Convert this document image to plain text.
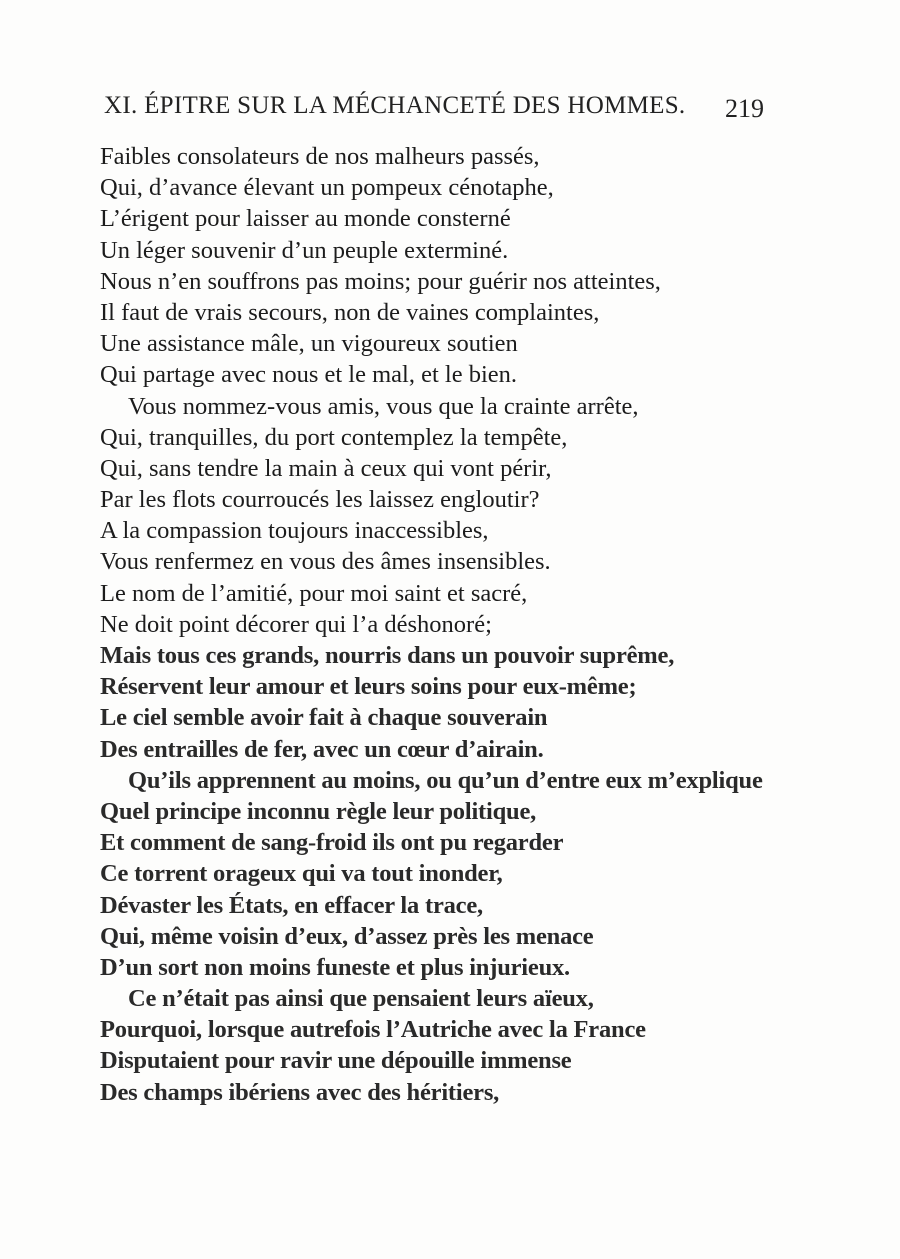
XI. ÉPITRE SUR LA MÉCHANCETÉ DES HOMMES. 219
Faibles consolateurs de nos malheurs passés,
Qui, d’avance élevant un pompeux cénotaphe,
L’érigent pour laisser au monde consterné
Un léger souvenir d’un peuple exterminé.
Nous n’en souffrons pas moins; pour guérir nos atteintes,
Il faut de vrais secours, non de vaines complaintes,
Une assistance mâle, un vigoureux soutien
Qui partage avec nous et le mal, et le bien.
Vous nommez-vous amis, vous que la crainte arrête,
Qui, tranquilles, du port contemplez la tempête,
Qui, sans tendre la main à ceux qui vont périr,
Par les flots courroucés les laissez engloutir?
A la compassion toujours inaccessibles,
Vous renfermez en vous des âmes insensibles.
Le nom de l’amitié, pour moi saint et sacré,
Ne doit point décorer qui l’a déshonoré;
Mais tous ces grands, nourris dans un pouvoir suprême,
Réservent leur amour et leurs soins pour eux-même;
Le ciel semble avoir fait à chaque souverain
Des entrailles de fer, avec un cœur d’airain.
Qu’ils apprennent au moins, ou qu’un d’entre eux m’explique
Quel principe inconnu règle leur politique,
Et comment de sang-froid ils ont pu regarder
Ce torrent orageux qui va tout inonder,
Dévaster les États, en effacer la trace,
Qui, même voisin d’eux, d’assez près les menace
D’un sort non moins funeste et plus injurieux.
Ce n’était pas ainsi que pensaient leurs aïeux,
Pourquoi, lorsque autrefois l’Autriche avec la France
Disputaient pour ravir une dépouille immense
Des champs ibériens avec des héritiers,
